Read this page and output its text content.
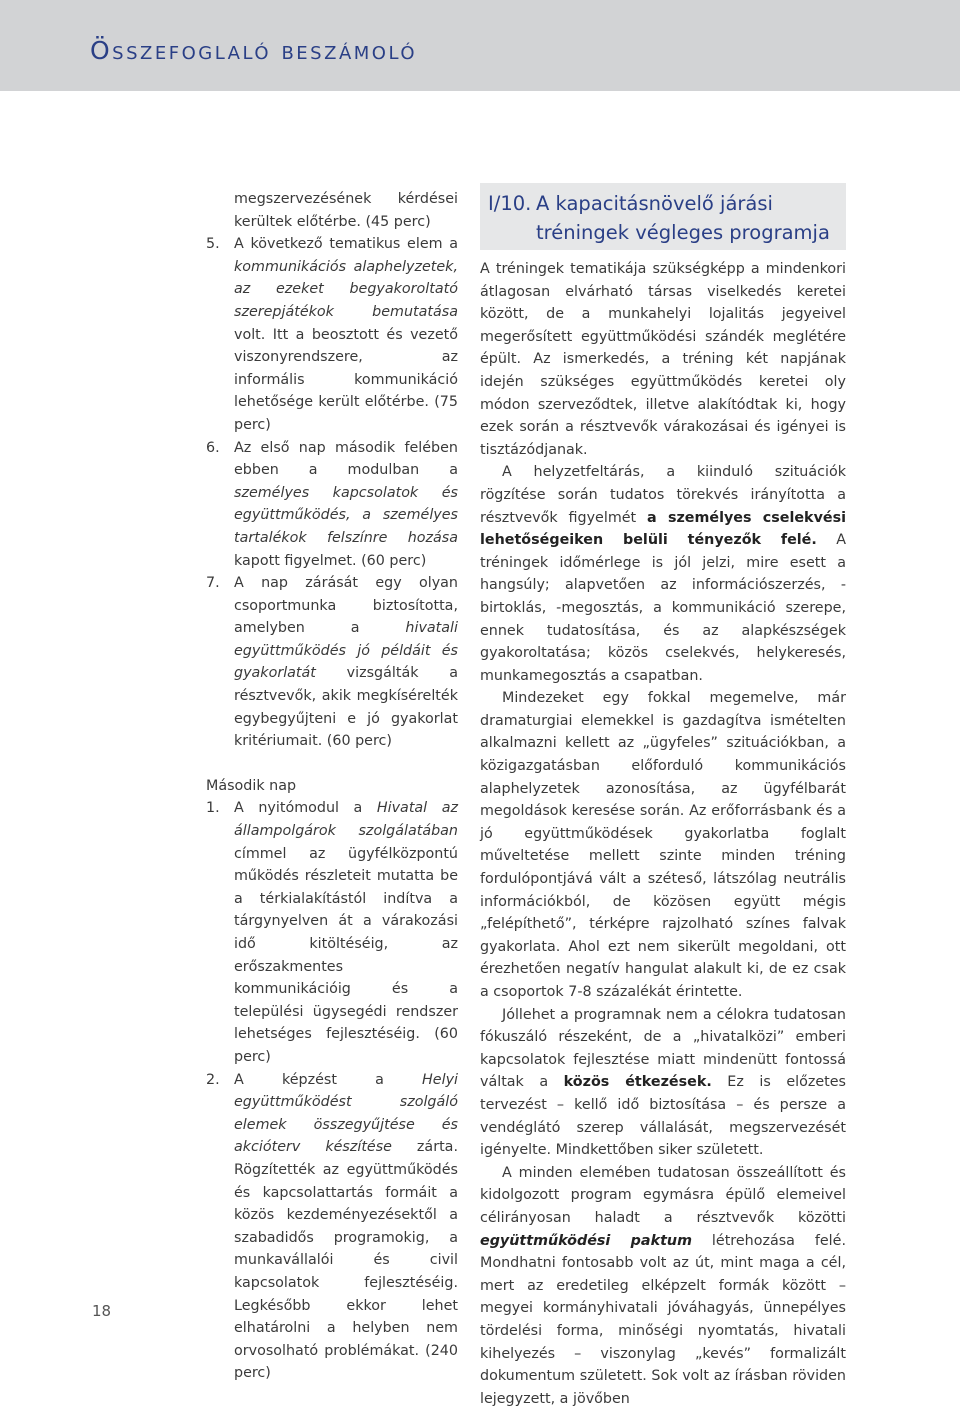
Összefoglaló beszámoló
megszervezésének kérdései kerültek előtérbe. (45 perc)
5.	A következő tematikus elem a kommunikációs alaphelyzetek, az ezeket begyakoroltató szerepjátékok bemutatása volt. Itt a beosztott és vezető viszonyrendszere, az informális kommunikáció lehetősége került előtérbe. (75 perc)
6.	Az első nap második felében ebben a modulban a személyes kapcsolatok és együttműködés, a személyes tartalékok felszínre hozása kapott figyelmet. (60 perc)
7.	A nap zárását egy olyan csoportmunka biztosította, amelyben a hivatali együttműködés jó példáit és gyakorlatát vizsgálták a résztvevők, akik megkísérelték egybegyűjteni e jó gyakorlat kritériumait. (60 perc)
Második nap
1.	A nyitómodul a Hivatal az állampolgárok szolgálatában címmel az ügyfélközpontú működés részleteit mutatta be a térkialakítástól indítva a tárgynyelven át a várakozási idő kitöltéséig, az erőszakmentes kommunikációig és a települési ügysegédi rendszer lehetséges fejlesztéséig. (60 perc)
2.	A képzést a Helyi együttműködést szolgáló elemek összegyűjtése és akcióterv készítése zárta. Rögzítették az együttműködés és kapcsolattartás formáit a közös kezdeményezésektől a szabadidős programokig, a munkavállalói és civil kapcsolatok fejlesztéséig. Legkésőbb ekkor lehet elhatárolni a helyben nem orvosolható problémákat. (240 perc)
I/10. A kapacitásnövelő járási
tréningek végleges programja

A tréningek tematikája szükségképp a mindenkori átlagosan elvárható társas viselkedés keretei között, de a munkahelyi lojalitás jegyeivel megerősített együttműködési szándék meglétére épült. Az ismerkedés, a tréning két napjának idején szükséges együttműködés keretei oly módon szerveződtek, illetve alakítódtak ki, hogy ezek során a résztvevők várakozásai és igényei is tisztázódjanak.

A helyzetfeltárás, a kiinduló szituációk rögzítése során tudatos törekvés irányította a résztvevők figyelmét a személyes cselekvési lehetőségeiken belüli tényezők felé. A tréningek időmérlege is jól jelzi, mire esett a hangsúly; alapvetően az információszerzés, -birtoklás, -megosztás, a kommunikáció szerepe, ennek tudatosítása, és az alapkészségek gyakoroltatása; közös cselekvés, helykeresés, munkamegosztás a csapatban.

Mindezeket egy fokkal megemelve, már dramaturgiai elemekkel is gazdagítva ismételten alkalmazni kellett az „ügyfeles” szituációkban, a közigazgatásban előforduló kommunikációs alaphelyzetek azonosítása, az ügyfélbarát megoldások keresése során. Az erőforrásbank és a jó együttműködések gyakorlatba foglalt műveltetése mellett szinte minden tréning fordulópontjává vált a széteső, látszólag neutrális információkból, de közösen együtt mégis „felépíthető”, térképre rajzolható színes falvak gyakorlata. Ahol ezt nem sikerült megoldani, ott érezhetően negatív hangulat alakult ki, de ez csak a csoportok 7-8 százalékát érintette.

Jóllehet a programnak nem a célokra tudatosan fókuszáló részeként, de a „hivatalközi” emberi kapcsolatok fejlesztése miatt mindenütt fontossá váltak a közös étkezések. Ez is előzetes tervezést – kellő idő biztosítása – és persze a vendéglátó szerep vállalását, megszervezését igényelte. Mindkettőben siker született.

A minden elemében tudatosan összeállított és kidolgozott program egymásra épülő elemeivel célirányosan haladt a résztvevők közötti együttműködési paktum létrehozása felé. Mondhatni fontosabb volt az út, mint maga a cél, mert az eredetileg elképzelt formák között – megyei kormányhivatali jóváhagyás, ünnepélyes tördelési forma, minőségi nyomtatás, hivatali kihelyezés – viszonylag „kevés” formalizált dokumentum született. Sok volt az írásban röviden lejegyzett, a jövőben

18
